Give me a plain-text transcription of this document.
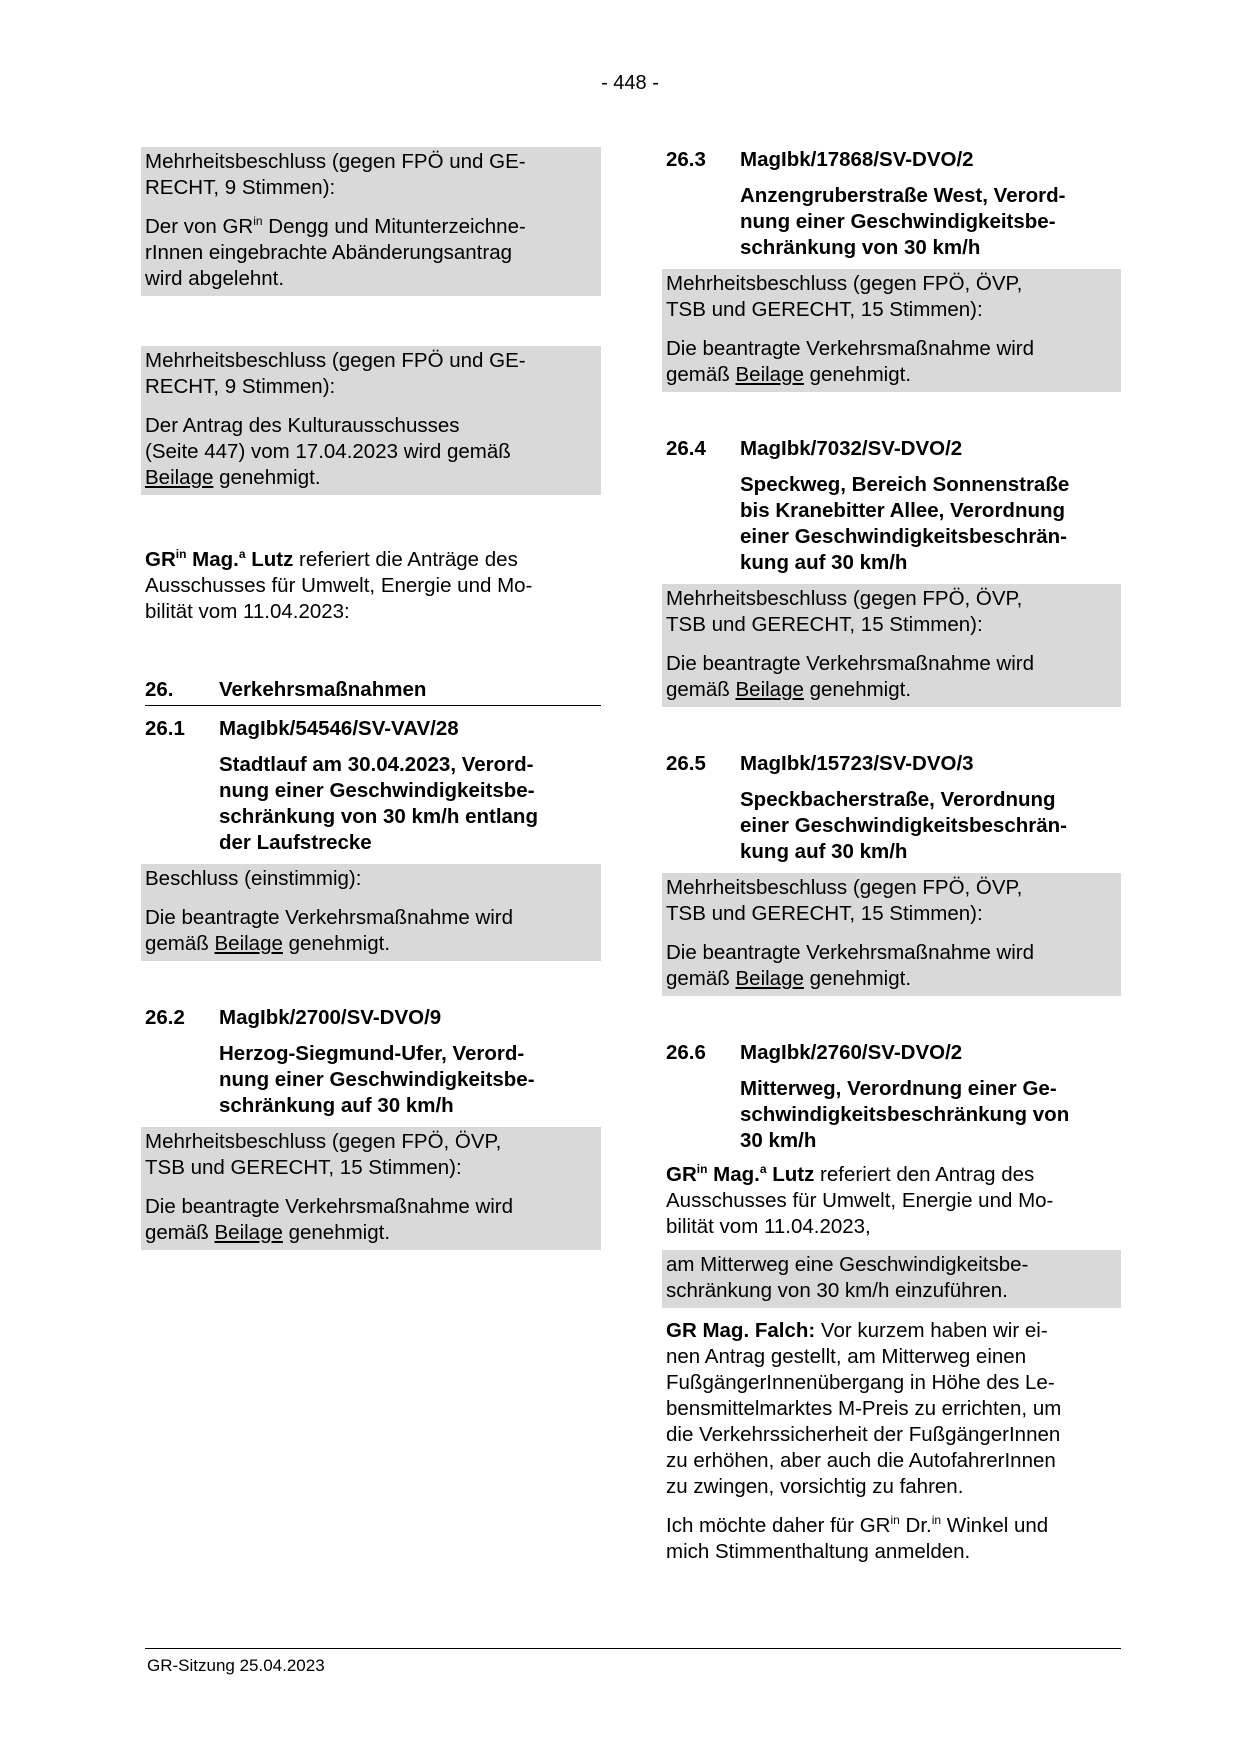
- 448 -

Mehrheitsbeschluss (gegen FPÖ und GE-
RECHT, 9 Stimmen):

Der von $GR^{in}$ Dengg und Mitunterzeichne-
rInnen eingebrachte Abänderungsantrag
wird abgelehnt.

Mehrheitsbeschluss (gegen FPÖ und GE-
RECHT, 9 Stimmen):

Der Antrag des Kulturausschusses
(Seite 447) vom 17.04.2023 wird gemäß
Beilage genehmigt.

$GR^{in}$ Mag.$^a$ Lutz referiert die Anträge des
Ausschusses für Umwelt, Energie und Mo-
bilität vom 11.04.2023:

26.	Verkehrsmaßnahmen
26.1	MagIbk/54546/SV-VAV/28
Stadtlauf am 30.04.2023, Verord-
nung einer Geschwindigkeitsbe-
schränkung von 30 km/h entlang
der Laufstrecke

Beschluss (einstimmig):

Die beantragte Verkehrsmaßnahme wird
gemäß Beilage genehmigt.

26.2	MagIbk/2700/SV-DVO/9
Herzog-Siegmund-Ufer, Verord-
nung einer Geschwindigkeitsbe-
schränkung auf 30 km/h

Mehrheitsbeschluss (gegen FPÖ, ÖVP,
TSB und GERECHT, 15 Stimmen):

Die beantragte Verkehrsmaßnahme wird
gemäß Beilage genehmigt.

26.3	MagIbk/17868/SV-DVO/2
Anzengruberstraße West, Verord-
nung einer Geschwindigkeitsbe-
schränkung von 30 km/h

Mehrheitsbeschluss (gegen FPÖ, ÖVP,
TSB und GERECHT, 15 Stimmen):

Die beantragte Verkehrsmaßnahme wird
gemäß Beilage genehmigt.

26.4	MagIbk/7032/SV-DVO/2
Speckweg, Bereich Sonnenstraße
bis Kranebitter Allee, Verordnung
einer Geschwindigkeitsbeschrän-
kung auf 30 km/h

Mehrheitsbeschluss (gegen FPÖ, ÖVP,
TSB und GERECHT, 15 Stimmen):

Die beantragte Verkehrsmaßnahme wird
gemäß Beilage genehmigt.

26.5	MagIbk/15723/SV-DVO/3
Speckbacherstraße, Verordnung
einer Geschwindigkeitsbeschrän-
kung auf 30 km/h

Mehrheitsbeschluss (gegen FPÖ, ÖVP,
TSB und GERECHT, 15 Stimmen):

Die beantragte Verkehrsmaßnahme wird
gemäß Beilage genehmigt.

26.6	MagIbk/2760/SV-DVO/2
Mitterweg, Verordnung einer Ge-
schwindigkeitsbeschränkung von
30 km/h

$GR^{in}$ Mag.$^a$ Lutz referiert den Antrag des
Ausschusses für Umwelt, Energie und Mo-
bilität vom 11.04.2023,

am Mitterweg eine Geschwindigkeitsbe-
schränkung von 30 km/h einzuführen.

GR Mag. Falch: Vor kurzem haben wir ei-
nen Antrag gestellt, am Mitterweg einen
FußgängerInnenübergang in Höhe des Le-
bensmittelmarktes M-Preis zu errichten, um
die Verkehrssicherheit der FußgängerInnen
zu erhöhen, aber auch die AutofahrerInnen
zu zwingen, vorsichtig zu fahren.

Ich möchte daher für $GR^{in}$ Dr.$^{in}$ Winkel und
mich Stimmenthaltung anmelden.

GR-Sitzung 25.04.2023
